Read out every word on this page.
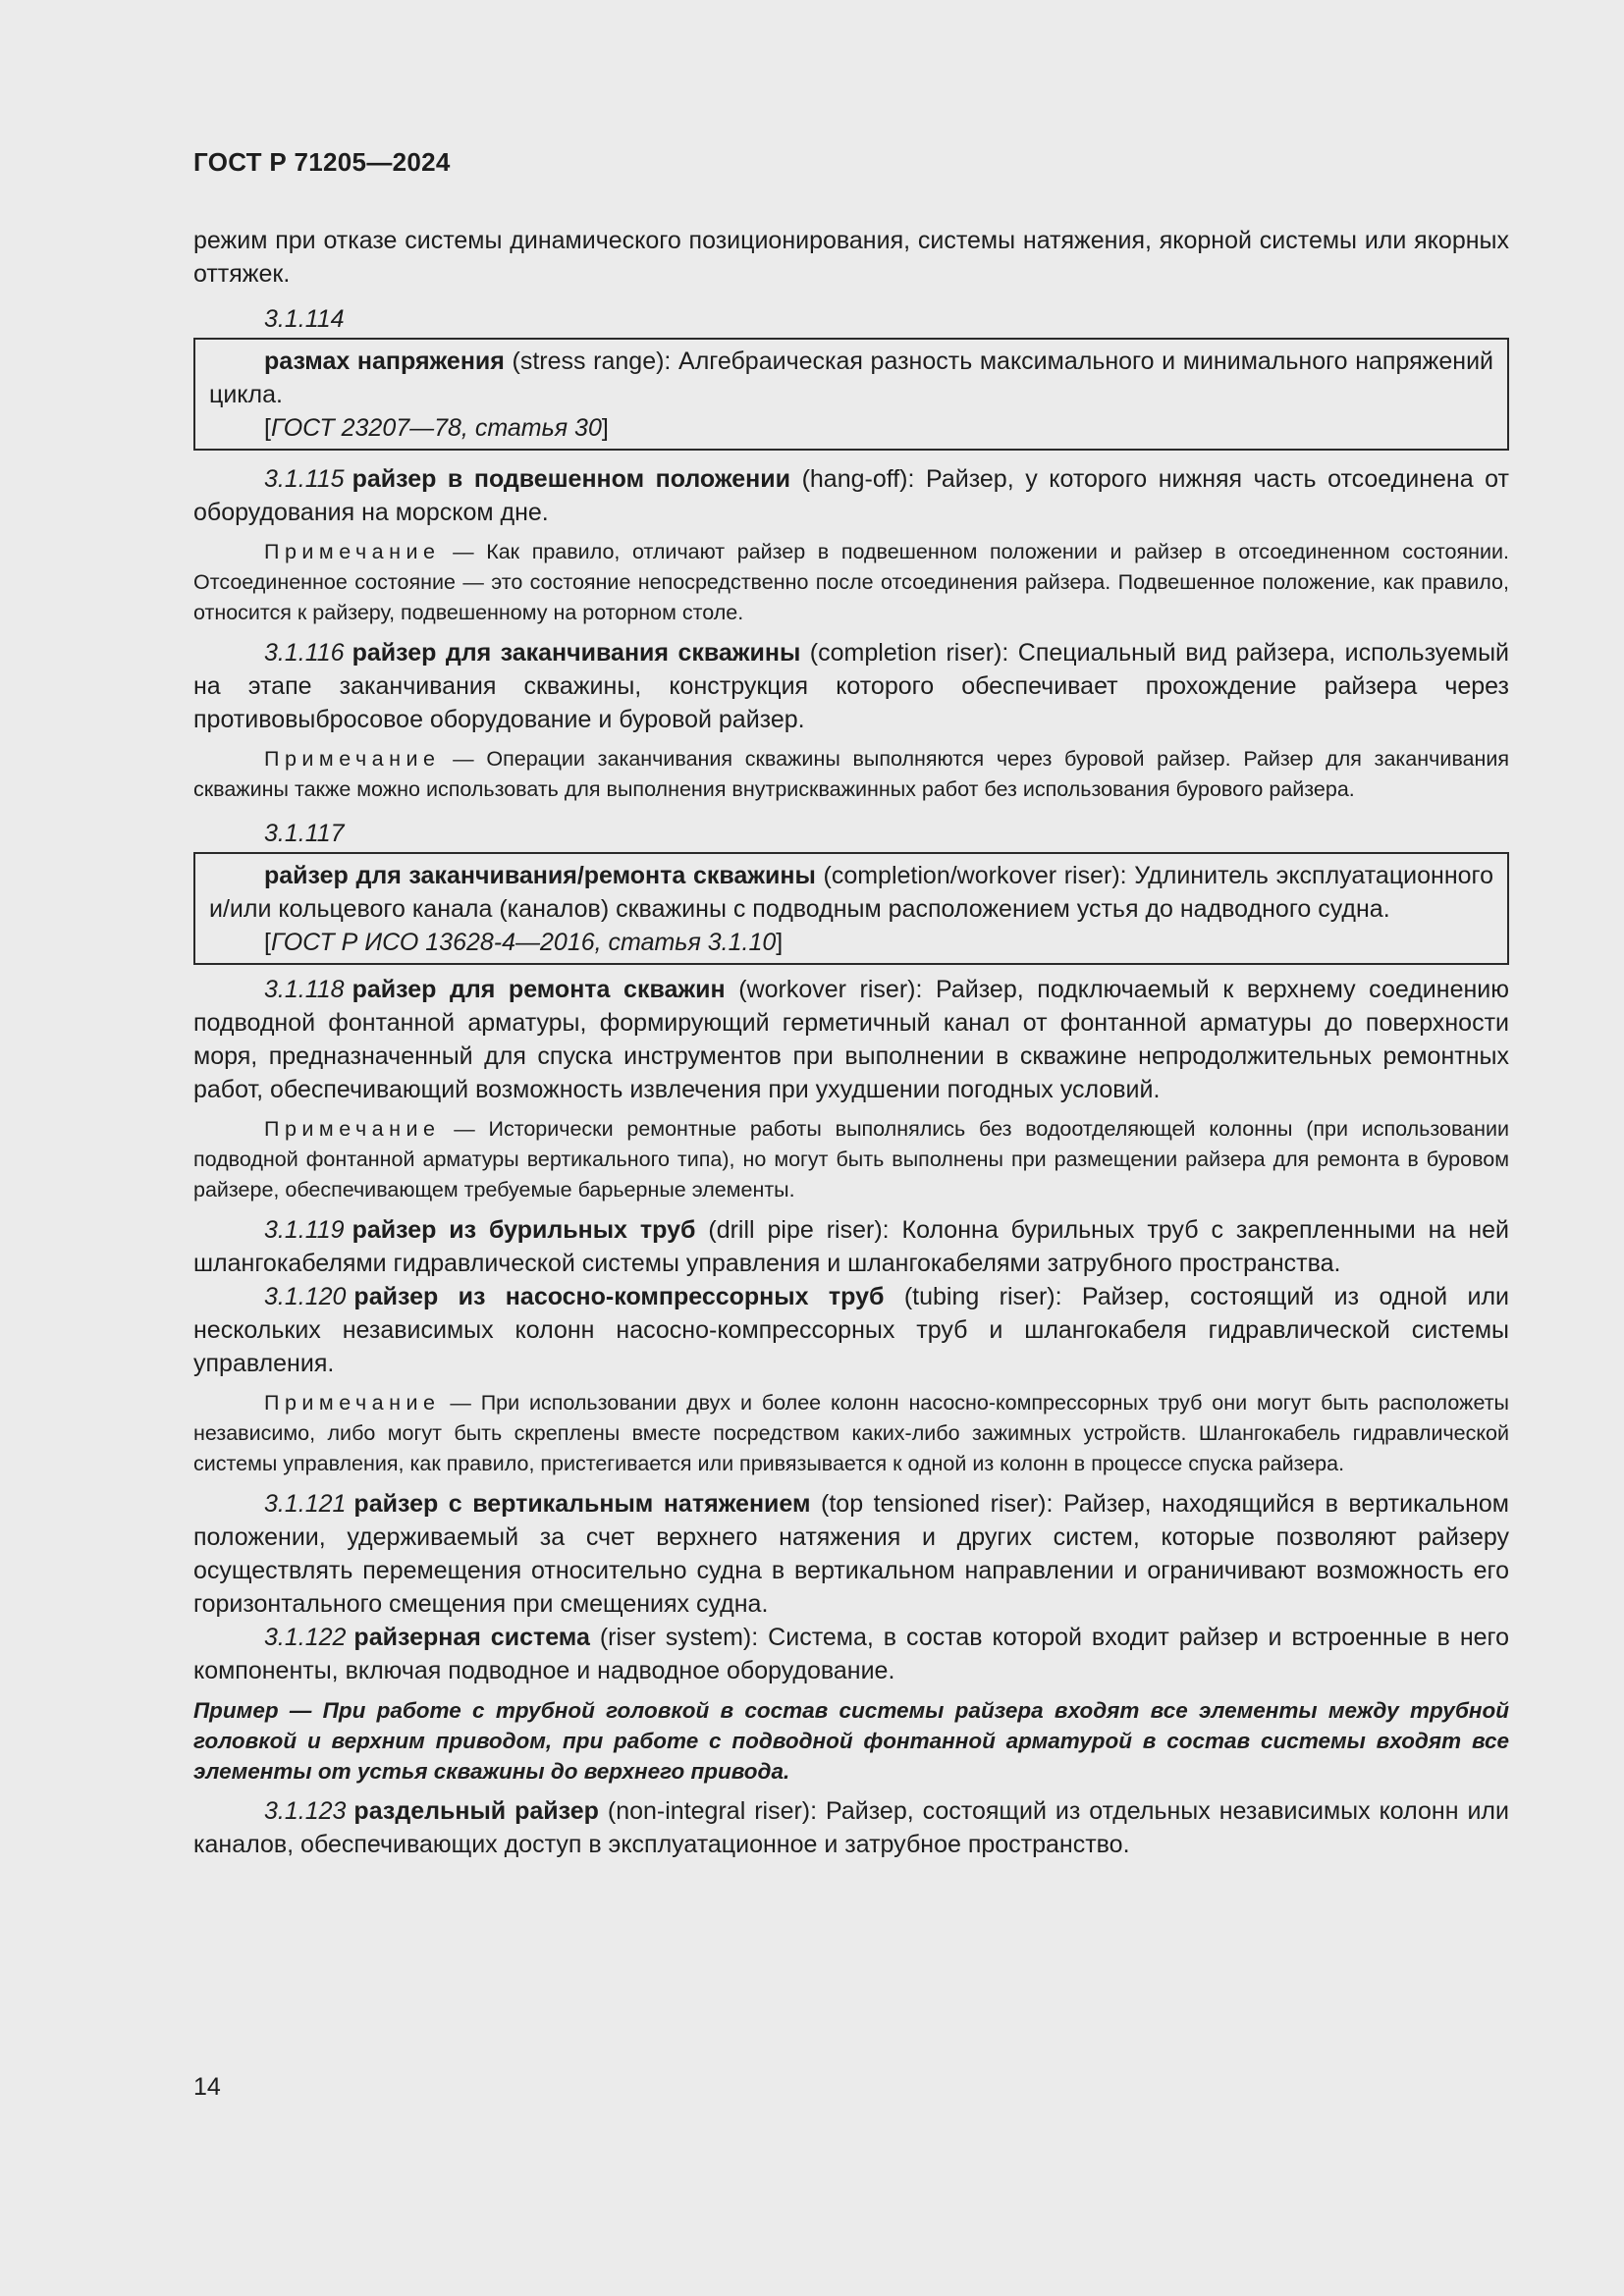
ГОСТ Р 71205—2024

режим при отказе системы динамического позиционирования, системы натяжения, якорной системы или якорных оттяжек.

3.1.114

размах напряжения (stress range): Алгебраическая разность максимального и минимального напряжений цикла.

[ГОСТ 23207—78, статья 30]

3.1.115 райзер в подвешенном положении (hang-off): Райзер, у которого нижняя часть отсоединена от оборудования на морском дне.

Примечание — Как правило, отличают райзер в подвешенном положении и райзер в отсоединенном состоянии. Отсоединенное состояние — это состояние непосредственно после отсоединения райзера. Подвешенное положение, как правило, относится к райзеру, подвешенному на роторном столе.

3.1.116 райзер для заканчивания скважины (completion riser): Специальный вид райзера, используемый на этапе заканчивания скважины, конструкция которого обеспечивает прохождение райзера через противовыбросовое оборудование и буровой райзер.

Примечание — Операции заканчивания скважины выполняются через буровой райзер. Райзер для заканчивания скважины также можно использовать для выполнения внутрискважинных работ без использования бурового райзера.

3.1.117

райзер для заканчивания/ремонта скважины (completion/workover riser): Удлинитель эксплуатационного и/или кольцевого канала (каналов) скважины с подводным расположением устья до надводного судна.

[ГОСТ Р ИСО 13628-4—2016, статья 3.1.10]

3.1.118 райзер для ремонта скважин (workover riser): Райзер, подключаемый к верхнему соединению подводной фонтанной арматуры, формирующий герметичный канал от фонтанной арматуры до поверхности моря, предназначенный для спуска инструментов при выполнении в скважине непродолжительных ремонтных работ, обеспечивающий возможность извлечения при ухудшении погодных условий.

Примечание — Исторически ремонтные работы выполнялись без водоотделяющей колонны (при использовании подводной фонтанной арматуры вертикального типа), но могут быть выполнены при размещении райзера для ремонта в буровом райзере, обеспечивающем требуемые барьерные элементы.

3.1.119 райзер из бурильных труб (drill pipe riser): Колонна бурильных труб с закрепленными на ней шлангокабелями гидравлической системы управления и шлангокабелями затрубного пространства.

3.1.120 райзер из насосно-компрессорных труб (tubing riser): Райзер, состоящий из одной или нескольких независимых колонн насосно-компрессорных труб и шлангокабеля гидравлической системы управления.

Примечание — При использовании двух и более колонн насосно-компрессорных труб они могут быть расположеты независимо, либо могут быть скреплены вместе посредством каких-либо зажимных устройств. Шлангокабель гидравлической системы управления, как правило, пристегивается или привязывается к одной из колонн в процессе спуска райзера.

3.1.121 райзер с вертикальным натяжением (top tensioned riser): Райзер, находящийся в вертикальном положении, удерживаемый за счет верхнего натяжения и других систем, которые позволяют райзеру осуществлять перемещения относительно судна в вертикальном направлении и ограничивают возможность его горизонтального смещения при смещениях судна.

3.1.122 райзерная система (riser system): Система, в состав которой входит райзер и встроенные в него компоненты, включая подводное и надводное оборудование.

Пример — При работе с трубной головкой в состав системы райзера входят все элементы между трубной головкой и верхним приводом, при работе с подводной фонтанной арматурой в состав системы входят все элементы от устья скважины до верхнего привода.

3.1.123 раздельный райзер (non-integral riser): Райзер, состоящий из отдельных независимых колонн или каналов, обеспечивающих доступ в эксплуатационное и затрубное пространство.

14
